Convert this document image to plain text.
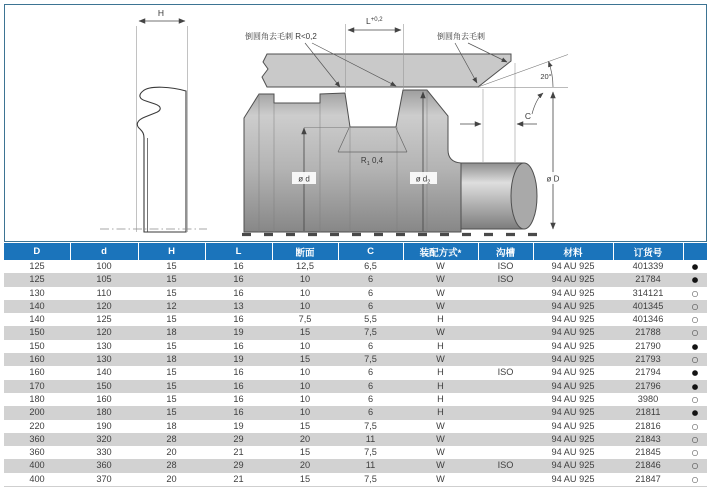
H
$L^{+0,2}$
倒圆角去毛刺 R<0,2	倒圆角去毛刺
$R_1$ 0,4
ø d	ø $d_2$
C
20°
ø D
D	d	H	L	断面	C	装配方式*	沟槽	材料	订货号	
125	100	15	16	12,5	6,5	W	ISO	94 AU 925	401339	●
125	105	15	16	10	6	W	ISO	94 AU 925	21784	●
130	110	15	16	10	6	W		94 AU 925	314121	○
140	120	12	13	10	6	W		94 AU 925	401345	○
140	125	15	16	7,5	5,5	H		94 AU 925	401346	○
150	120	18	19	15	7,5	W		94 AU 925	21788	○
150	130	15	16	10	6	H		94 AU 925	21790	●
160	130	18	19	15	7,5	W		94 AU 925	21793	○
160	140	15	16	10	6	H	ISO	94 AU 925	21794	●
170	150	15	16	10	6	H		94 AU 925	21796	●
180	160	15	16	10	6	H		94 AU 925	3980	○
200	180	15	16	10	6	H		94 AU 925	21811	●
220	190	18	19	15	7,5	W		94 AU 925	21816	○
360	320	28	29	20	11	W		94 AU 925	21843	○
360	330	20	21	15	7,5	W		94 AU 925	21845	○
400	360	28	29	20	11	W	ISO	94 AU 925	21846	○
400	370	20	21	15	7,5	W		94 AU 925	21847	○
